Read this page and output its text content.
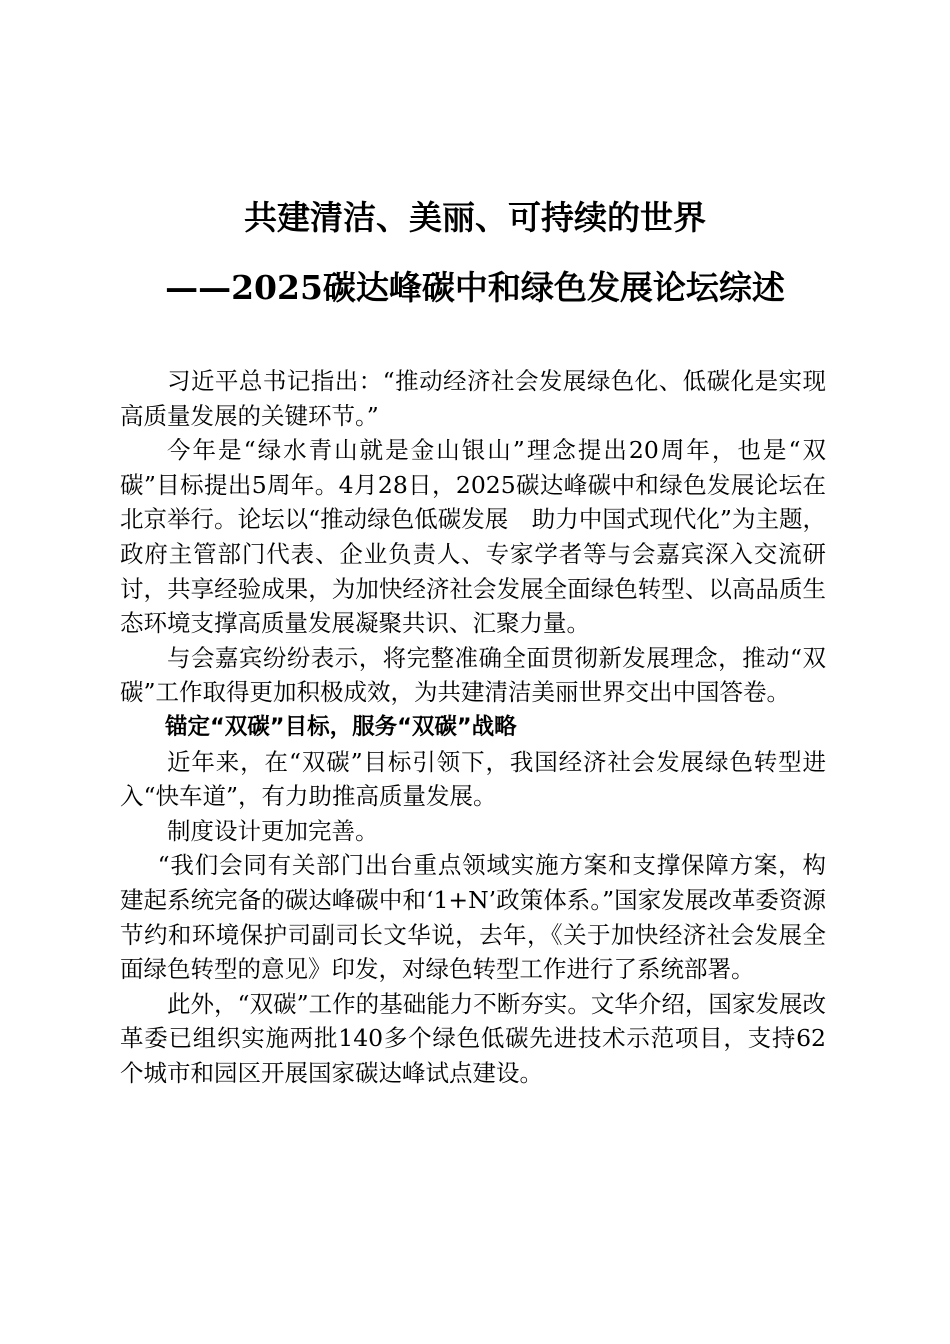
共建清洁、美丽、可持续的世界
——2025碳达峰碳中和绿色发展论坛综述

习近平总书记指出：“推动经济社会发展绿色化、低碳化是实现高质量发展的关键环节。”

今年是“绿水青山就是金山银山”理念提出20周年，也是“双碳”目标提出5周年。4月28日，2025碳达峰碳中和绿色发展论坛在北京举行。论坛以“推动绿色低碳发展　助力中国式现代化”为主题，政府主管部门代表、企业负责人、专家学者等与会嘉宾深入交流研讨，共享经验成果，为加快经济社会发展全面绿色转型、以高品质生态环境支撑高质量发展凝聚共识、汇聚力量。

与会嘉宾纷纷表示，将完整准确全面贯彻新发展理念，推动“双碳”工作取得更加积极成效，为共建清洁美丽世界交出中国答卷。

锚定“双碳”目标，服务“双碳”战略

近年来，在“双碳”目标引领下，我国经济社会发展绿色转型进入“快车道”，有力助推高质量发展。

制度设计更加完善。

“我们会同有关部门出台重点领域实施方案和支撑保障方案，构建起系统完备的碳达峰碳中和‘1+N’政策体系。”国家发展改革委资源节约和环境保护司副司长文华说，去年，《关于加快经济社会发展全面绿色转型的意见》印发，对绿色转型工作进行了系统部署。

此外，“双碳”工作的基础能力不断夯实。文华介绍，国家发展改革委已组织实施两批140多个绿色低碳先进技术示范项目，支持62个城市和园区开展国家碳达峰试点建设。
